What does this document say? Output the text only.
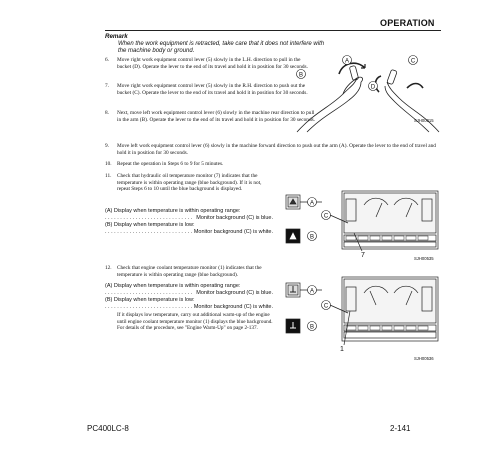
OPERATION
Remark
When the work equipment is retracted, take care that it does not interfere with the machine body or ground.
6.	Move right work equipment control lever (5) slowly in the L.H. direction to pull in the bucket (D). Operate the lever to the end of its travel and hold it in position for 30 seconds.
7.	Move right work equipment control lever (5) slowly in the R.H. direction to push out the bucket (C). Operate the lever to the end of its travel and hold it in position for 30 seconds.
8.	Next, move left work equipment control lever (6) slowly in the machine rear direction to pull in the arm (B). Operate the lever to the end of its travel and hold it in position for 30 seconds.
9.	Move left work equipment control lever (6) slowly in the machine forward direction to push out the arm (A). Operate the lever to the end of travel and hold it in position for 30 seconds.
10.	Repeat the operation in Steps 6 to 9 for 5 minutes.
11.	Check that hydraulic oil temperature monitor (7) indicates that the temperature is within operating range (blue background). If it is not, repeat Steps 6 to 10 until the blue background is displayed.
(A) Display when temperature is within operating range:
. . . . . . . . . . . . . . . . . . . . . . . . . . . . . Monitor background (C) is blue.
(B) Display when temperature is low:
. . . . . . . . . . . . . . . . . . . . . . . . . . . . . Monitor background (C) is white.
12.	Check that engine coolant temperature monitor (1) indicates that the temperature is within operating range (blue background).
(A) Display when temperature is within operating range:
. . . . . . . . . . . . . . . . . . . . . . . . . . . . . Monitor background (C) is blue.
(B) Display when temperature is low:
. . . . . . . . . . . . . . . . . . . . . . . . . . . . . Monitor background (C) is white.
If it displays low temperature, carry out additional warm-up of the engine until engine coolant temperature monitor (1) displays the blue background. For details of the procedure, see "Engine Warm-Up" on page 2-137.
A
B
C
D
SJH00015
A
B
C
7	SJH00535
A
B
C
1
SJH00536
PC400LC-8	2-141
